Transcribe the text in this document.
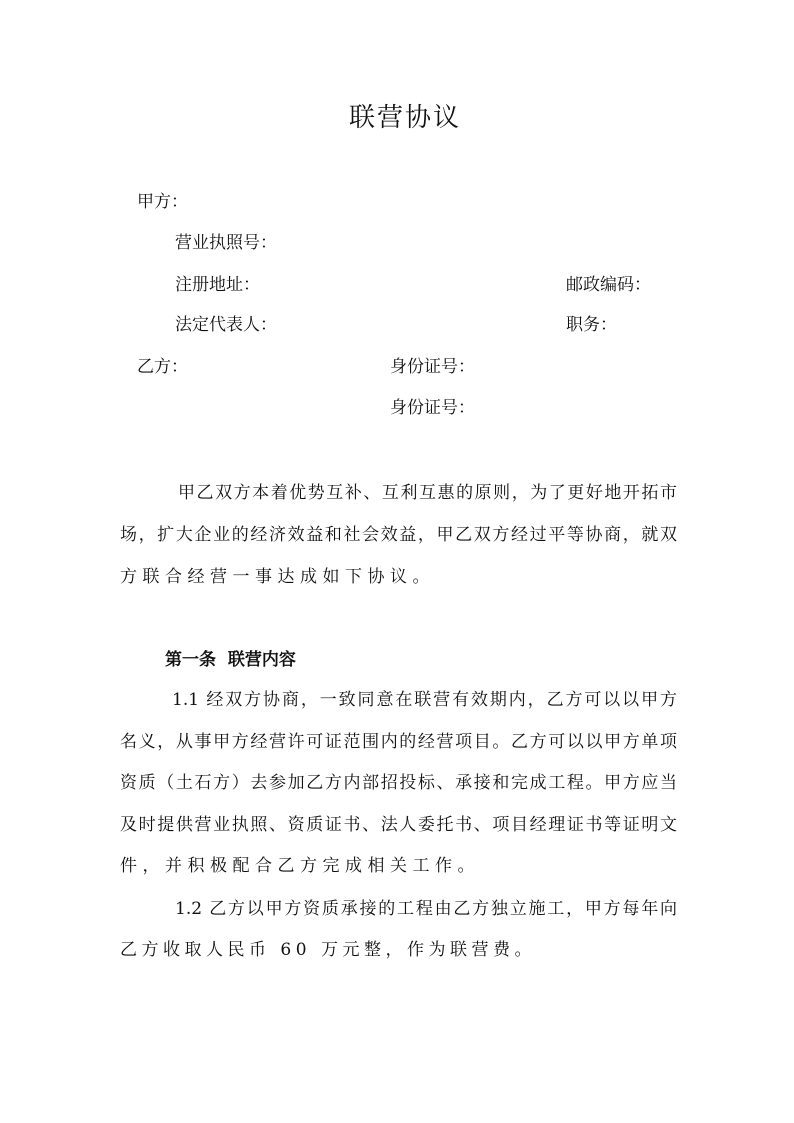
联营协议
甲方：
营业执照号：
注册地址：	邮政编码：
法定代表人：	职务：
乙方：	身份证号：
身份证号：
甲乙双方本着优势互补、互利互惠的原则，为了更好地开拓市
场，扩大企业的经济效益和社会效益，甲乙双方经过平等协商，就双
方联合经营一事达成如下协议。
第一条  联营内容
1.1 经双方协商，一致同意在联营有效期内，乙方可以以甲方
名义，从事甲方经营许可证范围内的经营项目。乙方可以以甲方单项
资质（土石方）去参加乙方内部招投标、承接和完成工程。甲方应当
及时提供营业执照、资质证书、法人委托书、项目经理证书等证明文
件，并积极配合乙方完成相关工作。
1.2 乙方以甲方资质承接的工程由乙方独立施工，甲方每年向
乙方收取人民币 60 万元整，作为联营费。
